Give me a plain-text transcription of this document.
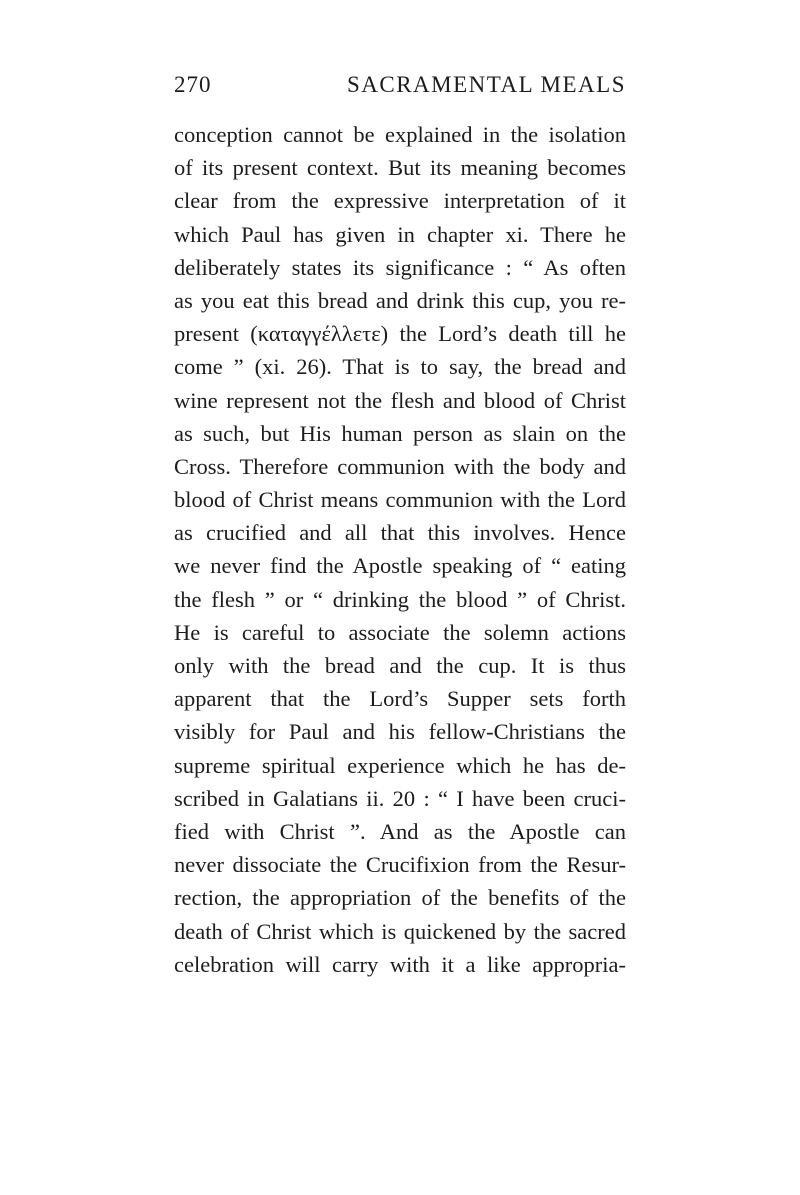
270	SACRAMENTAL MEALS
conception cannot be explained in the isolation
of its present context. But its meaning becomes
clear from the expressive interpretation of it
which Paul has given in chapter xi. There he
deliberately states its significance : “ As often
as you eat this bread and drink this cup, you re-
present (καταγγέλλετε) the Lord’s death till he
come ” (xi. 26). That is to say, the bread and
wine represent not the flesh and blood of Christ
as such, but His human person as slain on the
Cross. Therefore communion with the body and
blood of Christ means communion with the Lord
as crucified and all that this involves. Hence
we never find the Apostle speaking of “ eating
the flesh ” or “ drinking the blood ” of Christ.
He is careful to associate the solemn actions
only with the bread and the cup. It is thus
apparent that the Lord’s Supper sets forth
visibly for Paul and his fellow-Christians the
supreme spiritual experience which he has de-
scribed in Galatians ii. 20 : “ I have been cruci-
fied with Christ ”. And as the Apostle can
never dissociate the Crucifixion from the Resur-
rection, the appropriation of the benefits of the
death of Christ which is quickened by the sacred
celebration will carry with it a like appropria-
